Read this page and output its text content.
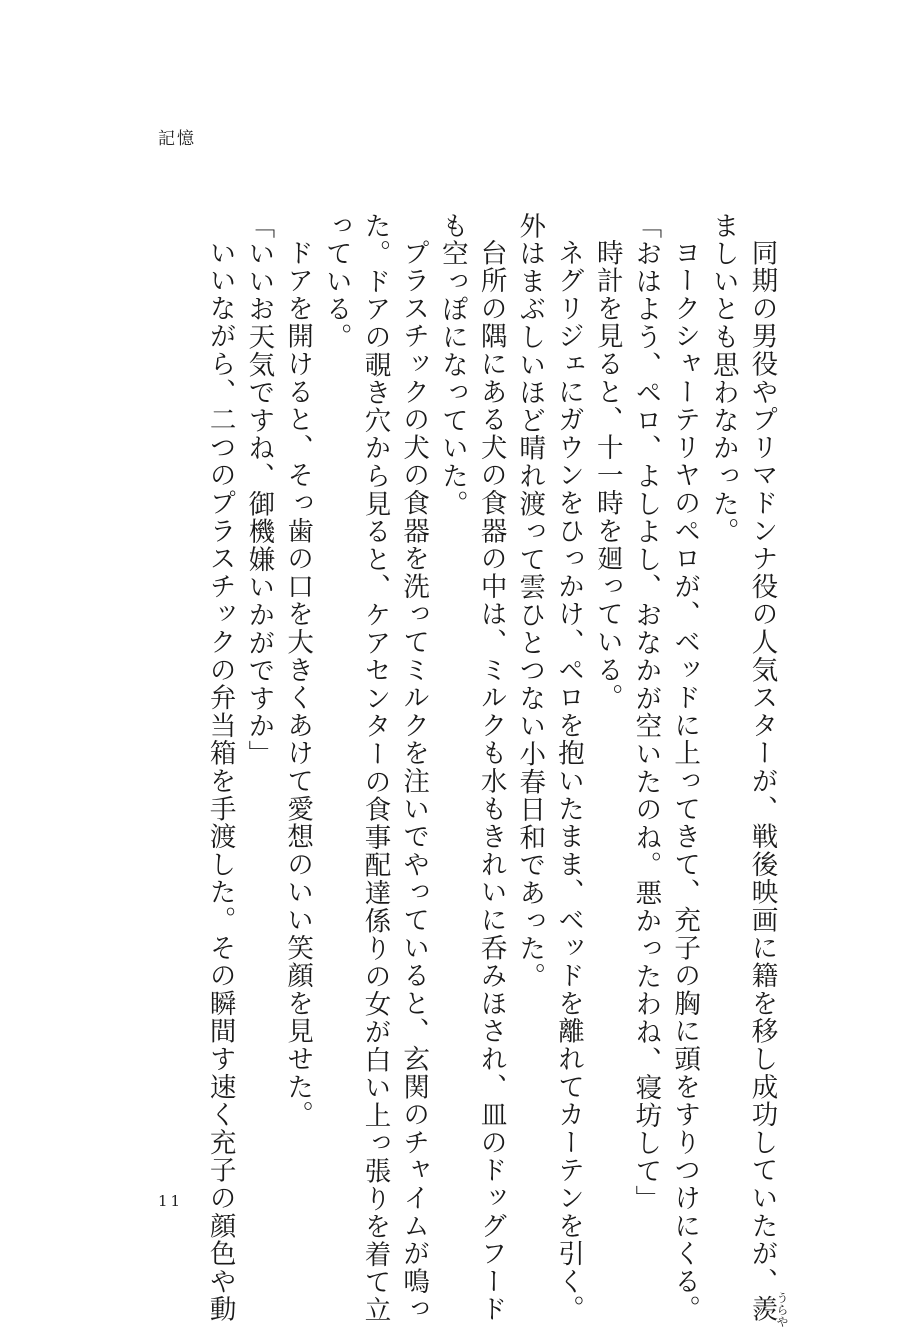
記憶

同期の男役やプリマドンナ役の人気スターが、戦後映画に籍を移し成功していたが、羨うらや

ましいとも思わなかった。

ヨークシャーテリヤのペロが、ベッドに上ってきて、充子の胸に頭をすりつけにくる。

「おはよう、ペロ、よしよし、おなかが空いたのね。悪かったわね、寝坊して」

時計を見ると、十一時を廻っている。

ネグリジェにガウンをひっかけ、ペロを抱いたまま、ベッドを離れてカーテンを引く。

外はまぶしいほど晴れ渡って雲ひとつない小春日和であった。

台所の隅にある犬の食器の中は、ミルクも水もきれいに呑みほされ、皿のドッグフード

も空っぽになっていた。

プラスチックの犬の食器を洗ってミルクを注いでやっていると、玄関のチャイムが鳴っ

た。ドアの覗き穴から見ると、ケアセンターの食事配達係りの女が白い上っ張りを着て立

っている。

ドアを開けると、そっ歯の口を大きくあけて愛想のいい笑顔を見せた。

「いいお天気ですね、御機嫌いかがですか」

いいながら、二つのプラスチックの弁当箱を手渡した。その瞬間す速く充子の顔色や動

11
